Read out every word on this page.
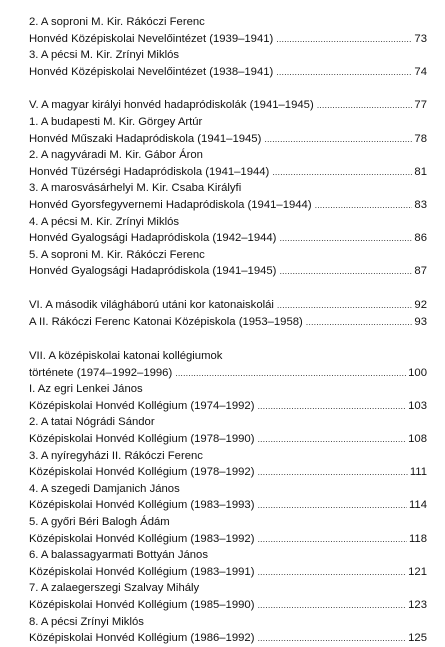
2. A soproni M. Kir. Rákóczi Ferenc
Honvéd Középiskolai Nevelőintézet (1939–1941) . . .	73
3. A pécsi M. Kir. Zrínyi Miklós
Honvéd Középiskolai Nevelőintézet (1938–1941) . . .	74
V. A magyar királyi honvéd hadapródiskolák (1941–1945) . . .	77
1. A budapesti M. Kir. Görgey Artúr
Honvéd Műszaki Hadapródiskola (1941–1945) . . .	78
2. A nagyváradi M. Kir. Gábor Áron
Honvéd Tüzérségi Hadapródiskola (1941–1944) . . .	81
3. A marosvásárhelyi M. Kir. Csaba Királyfi
Honvéd Gyorsfegyvernemi Hadapródiskola (1941–1944) . . .	83
4. A pécsi M. Kir. Zrínyi Miklós
Honvéd Gyalogsági Hadapródiskola (1942–1944) . . .	86
5. A soproni M. Kir. Rákóczi Ferenc
Honvéd Gyalogsági Hadapródiskola (1941–1945) . . .	87
VI. A második világháború utáni kor katonaiskolái . . .	92
A II. Rákóczi Ferenc Katonai Középiskola (1953–1958) . . .	93
VII. A középiskolai katonai kollégiumok
története (1974–1992–1996) . . .	100
I. Az egri Lenkei János
Középiskolai Honvéd Kollégium (1974–1992) . . .	103
2. A tatai Nógrádi Sándor
Középiskolai Honvéd Kollégium (1978–1990) . . .	108
3. A nyíregyházi II. Rákóczi Ferenc
Középiskolai Honvéd Kollégium (1978–1992) . . .	111
4. A szegedi Damjanich János
Középiskolai Honvéd Kollégium (1983–1993) . . .	114
5. A győri Béri Balogh Ádám
Középiskolai Honvéd Kollégium (1983–1992) . . .	118
6. A balassagyarmati Bottyán János
Középiskolai Honvéd Kollégium (1983–1991) . . .	121
7. A zalaegerszegi Szalvay Mihály
Középiskolai Honvéd Kollégium (1985–1990) . . .	123
8. A pécsi Zrínyi Miklós
Középiskolai Honvéd Kollégium (1986–1992) . . .	125
